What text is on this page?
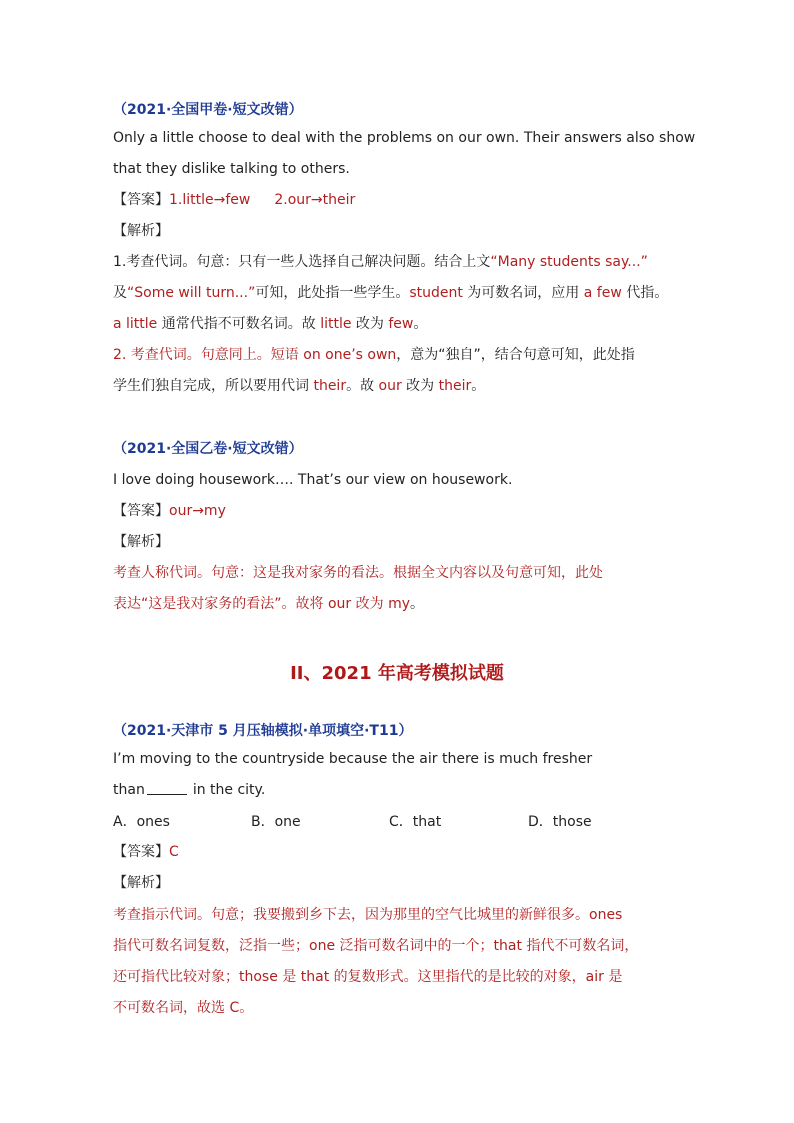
（2021·全国甲卷·短文改错）
Only a little choose to deal with the problems on our own. Their answers also show
that they dislike talking to others.
【答案】1.little→few 2.our→their
【解析】
1.考查代词。句意：只有一些人选择自己解决问题。结合上文“Many students say...”
及“Some will turn...”可知，此处指一些学生。student 为可数名词，应用 a few 代指。
a little 通常代指不可数名词。故 little 改为 few。
2. 考查代词。句意同上。短语 on one’s own，意为“独自”，结合句意可知，此处指
学生们独自完成，所以要用代词 their。故 our 改为 their。
（2021·全国乙卷·短文改错）
I love doing housework…. That’s our view on housework.
【答案】our→my
【解析】
考查人称代词。句意：这是我对家务的看法。根据全文内容以及句意可知，此处
表达“这是我对家务的看法”。故将 our 改为 my。
II、2021 年高考模拟试题
（2021·天津市 5 月压轴模拟·单项填空·T11）
I’m moving to the countryside because the air there is much fresher
than	in the city.
A．ones	B．one	C．that	D．those
【答案】C
【解析】
考查指示代词。句意；我要搬到乡下去，因为那里的空气比城里的新鲜很多。ones
指代可数名词复数，泛指一些；one 泛指可数名词中的一个；that 指代不可数名词，
还可指代比较对象；those 是 that 的复数形式。这里指代的是比较的对象，air 是
不可数名词，故选 C。
